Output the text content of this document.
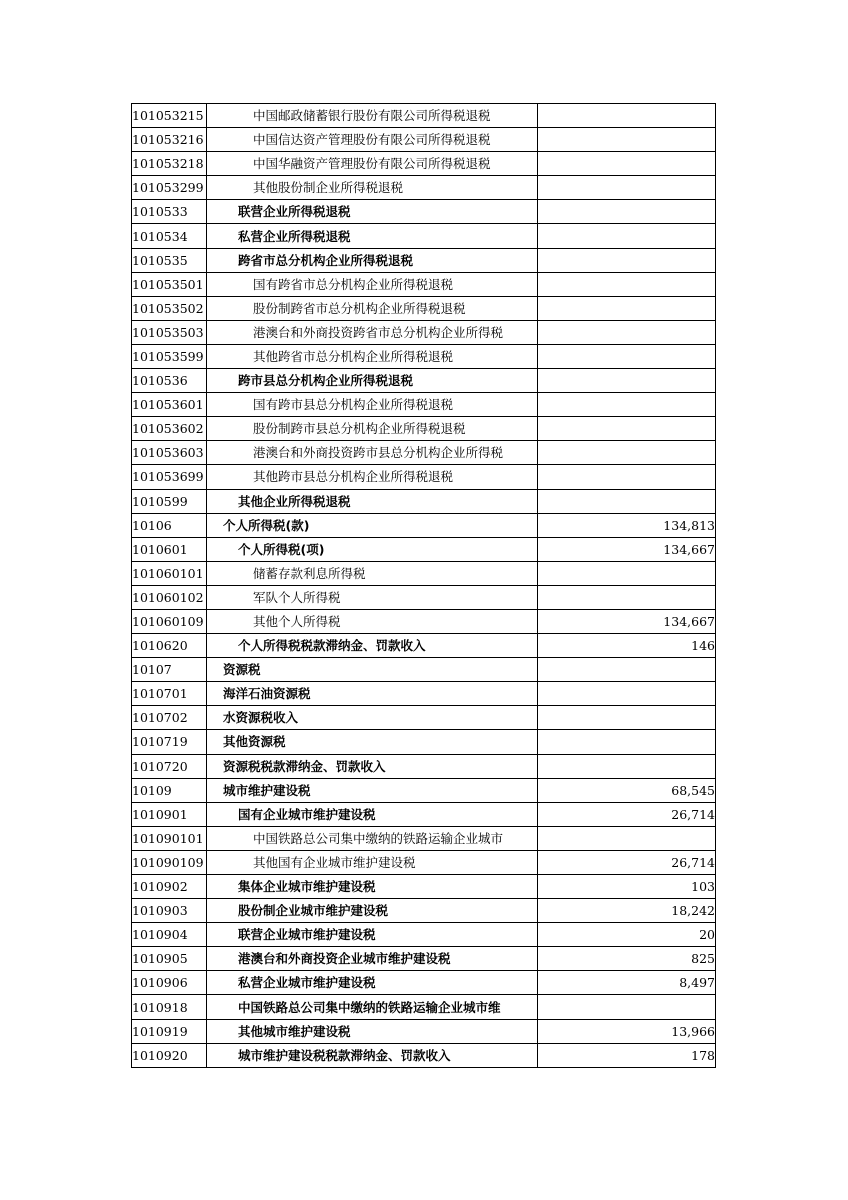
101053215	中国邮政储蓄银行股份有限公司所得税退税	
101053216	中国信达资产管理股份有限公司所得税退税	
101053218	中国华融资产管理股份有限公司所得税退税	
101053299	其他股份制企业所得税退税	
1010533	联营企业所得税退税	
1010534	私营企业所得税退税	
1010535	跨省市总分机构企业所得税退税	
101053501	国有跨省市总分机构企业所得税退税	
101053502	股份制跨省市总分机构企业所得税退税	
101053503	港澳台和外商投资跨省市总分机构企业所得税	
101053599	其他跨省市总分机构企业所得税退税	
1010536	跨市县总分机构企业所得税退税	
101053601	国有跨市县总分机构企业所得税退税	
101053602	股份制跨市县总分机构企业所得税退税	
101053603	港澳台和外商投资跨市县总分机构企业所得税	
101053699	其他跨市县总分机构企业所得税退税	
1010599	其他企业所得税退税	
10106	个人所得税(款)	134,813
1010601	个人所得税(项)	134,667
101060101	储蓄存款利息所得税	
101060102	军队个人所得税	
101060109	其他个人所得税	134,667
1010620	个人所得税税款滞纳金、罚款收入	146
10107	资源税	
1010701	海洋石油资源税	
1010702	水资源税收入	
1010719	其他资源税	
1010720	资源税税款滞纳金、罚款收入	
10109	城市维护建设税	68,545
1010901	国有企业城市维护建设税	26,714
101090101	中国铁路总公司集中缴纳的铁路运输企业城市	
101090109	其他国有企业城市维护建设税	26,714
1010902	集体企业城市维护建设税	103
1010903	股份制企业城市维护建设税	18,242
1010904	联营企业城市维护建设税	20
1010905	港澳台和外商投资企业城市维护建设税	825
1010906	私营企业城市维护建设税	8,497
1010918	中国铁路总公司集中缴纳的铁路运输企业城市维	
1010919	其他城市维护建设税	13,966
1010920	城市维护建设税税款滞纳金、罚款收入	178
